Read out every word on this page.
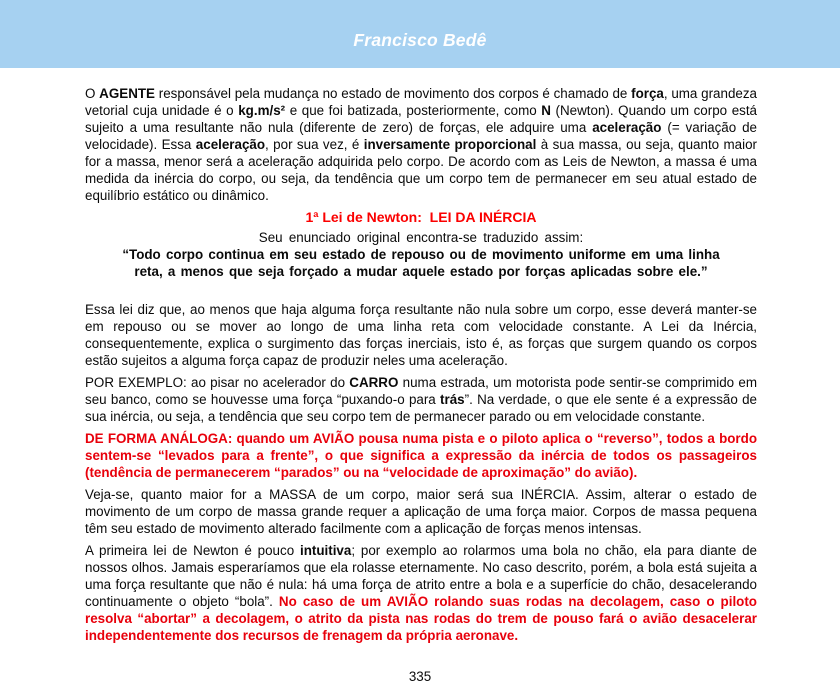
Francisco Bedê

O AGENTE responsável pela mudança no estado de movimento dos corpos é chamado de força, uma grandeza vetorial cuja unidade é o kg.m/s² e que foi batizada, posteriormente, como N (Newton). Quando um corpo está sujeito a uma resultante não nula (diferente de zero) de forças, ele adquire uma aceleração (= variação de velocidade). Essa aceleração, por sua vez, é inversamente proporcional à sua massa, ou seja, quanto maior for a massa, menor será a aceleração adquirida pelo corpo. De acordo com as Leis de Newton, a massa é uma medida da inércia do corpo, ou seja, da tendência que um corpo tem de permanecer em seu atual estado de equilíbrio estático ou dinâmico.

1ª Lei de Newton:  LEI DA INÉRCIA
Seu enunciado original encontra-se traduzido assim:
“Todo corpo continua em seu estado de repouso ou de movimento uniforme em uma linha
reta, a menos que seja forçado a mudar aquele estado por forças aplicadas sobre ele.”

Essa lei diz que, ao menos que haja alguma força resultante não nula sobre um corpo, esse deverá manter-se em repouso ou se mover ao longo de uma linha reta com velocidade constante. A Lei da Inércia, consequentemente, explica o surgimento das forças inerciais, isto é, as forças que surgem quando os corpos estão sujeitos a alguma força capaz de produzir neles uma aceleração.

POR EXEMPLO: ao pisar no acelerador do CARRO numa estrada, um motorista pode sentir-se comprimido em seu banco, como se houvesse uma força “puxando-o para trás”. Na verdade, o que ele sente é a expressão de sua inércia, ou seja, a tendência que seu corpo tem de permanecer parado ou em velocidade constante.

DE FORMA ANÁLOGA: quando um AVIÃO pousa numa pista e o piloto aplica o “reverso”, todos a bordo sentem-se “levados para a frente”, o que significa a expressão da inércia de todos os passageiros (tendência de permanecerem “parados” ou na “velocidade de aproximação” do avião).

Veja-se, quanto maior for a MASSA de um corpo, maior será sua INÉRCIA. Assim, alterar o estado de movimento de um corpo de massa grande requer a aplicação de uma força maior. Corpos de massa pequena têm seu estado de movimento alterado facilmente com a aplicação de forças menos intensas.

A primeira lei de Newton é pouco intuitiva; por exemplo ao rolarmos uma bola no chão, ela para diante de nossos olhos. Jamais esperaríamos que ela rolasse eternamente. No caso descrito, porém, a bola está sujeita a uma força resultante que não é nula: há uma força de atrito entre a bola e a superfície do chão, desacelerando continuamente o objeto “bola”. No caso de um AVIÃO rolando suas rodas na decolagem, caso o piloto resolva “abortar” a decolagem, o atrito da pista nas rodas do trem de pouso fará o avião desacelerar independentemente dos recursos de frenagem da própria aeronave.

335
